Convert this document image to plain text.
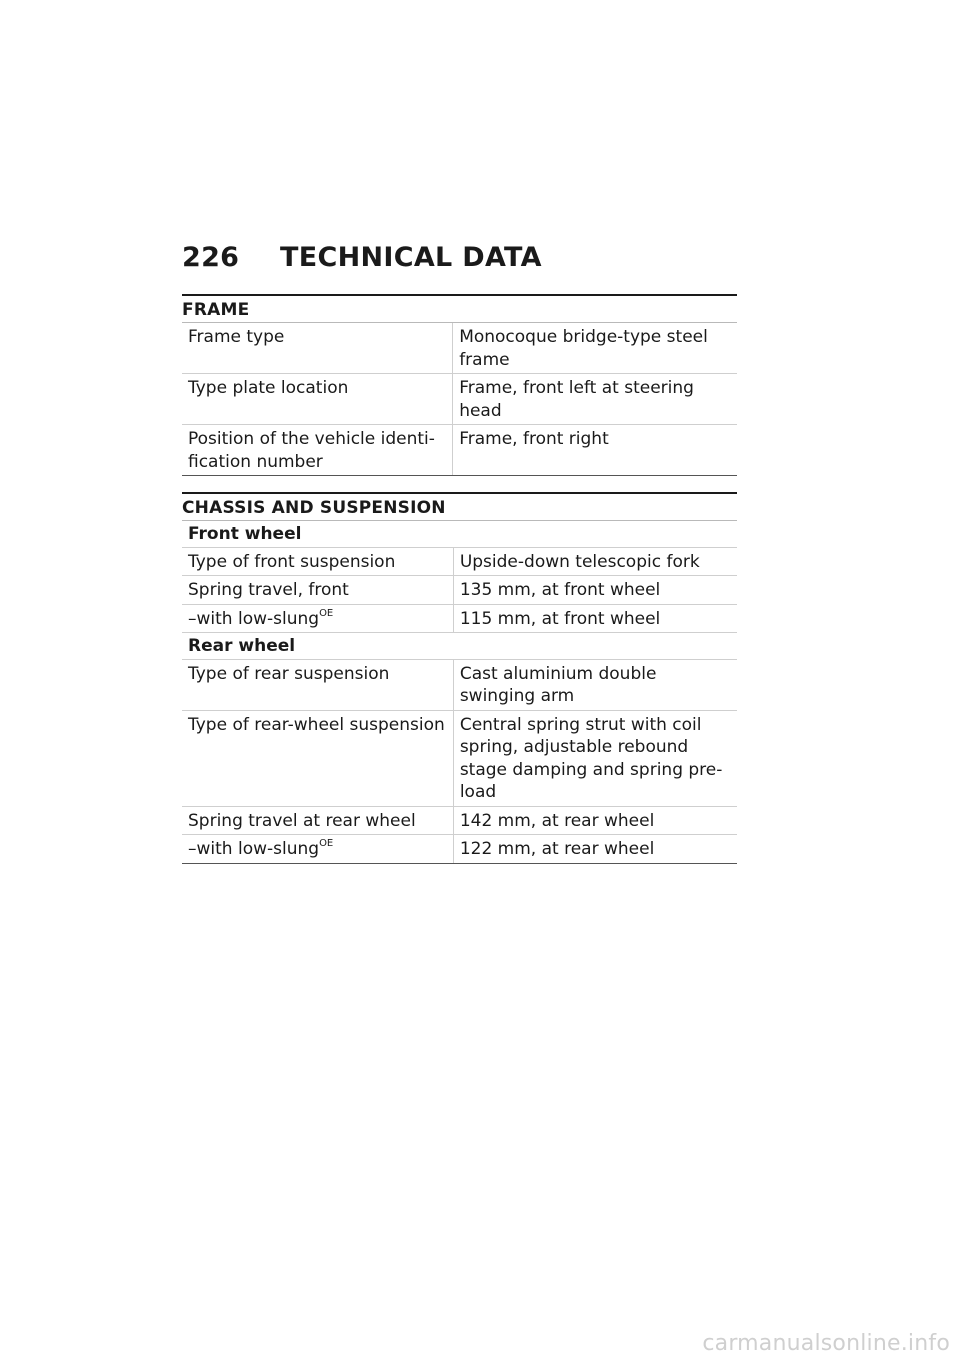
226 TECHNICAL DATA
FRAME
Frame type	Monocoque bridge-type steel frame
Type plate location	Frame, front left at steering head
Position of the vehicle identi-fication number	Frame, front right
CHASSIS AND SUSPENSION
Front wheel	
Type of front suspension	Upside-down telescopic fork
Spring travel, front	135 mm, at front wheel
–with low-slung$^{OE}$	115 mm, at front wheel
Rear wheel	
Type of rear suspension	Cast aluminium double swinging arm
Type of rear-wheel suspension	Central spring strut with coil spring, adjustable rebound stage damping and spring pre-load
Spring travel at rear wheel	142 mm, at rear wheel
–with low-slung$^{OE}$	122 mm, at rear wheel
carmanualsonline.info
